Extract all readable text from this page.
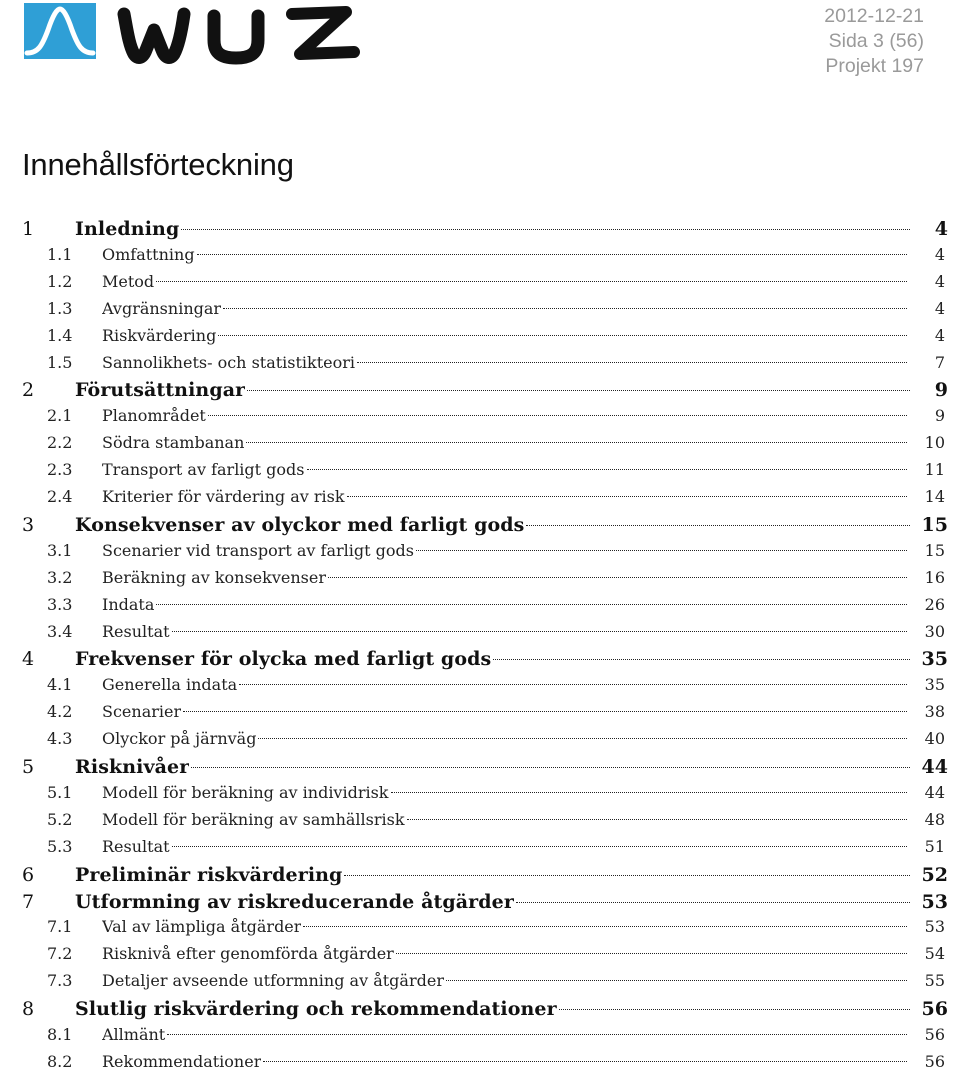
2012-12-21
Sida 3 (56)
Projekt 197
Innehållsförteckning
1	Inledning	4
1.1	Omfattning	4
1.2	Metod	4
1.3	Avgränsningar	4
1.4	Riskvärdering	4
1.5	Sannolikhets- och statistikteori	7
2	Förutsättningar	9
2.1	Planområdet	9
2.2	Södra stambanan	10
2.3	Transport av farligt gods	11
2.4	Kriterier för värdering av risk	14
3	Konsekvenser av olyckor med farligt gods	15
3.1	Scenarier vid transport av farligt gods	15
3.2	Beräkning av konsekvenser	16
3.3	Indata	26
3.4	Resultat	30
4	Frekvenser för olycka med farligt gods	35
4.1	Generella indata	35
4.2	Scenarier	38
4.3	Olyckor på järnväg	40
5	Risknivåer	44
5.1	Modell för beräkning av individrisk	44
5.2	Modell för beräkning av samhällsrisk	48
5.3	Resultat	51
6	Preliminär riskvärdering	52
7	Utformning av riskreducerande åtgärder	53
7.1	Val av lämpliga åtgärder	53
7.2	Risknivå efter genomförda åtgärder	54
7.3	Detaljer avseende utformning av åtgärder	55
8	Slutlig riskvärdering och rekommendationer	56
8.1	Allmänt	56
8.2	Rekommendationer	56
